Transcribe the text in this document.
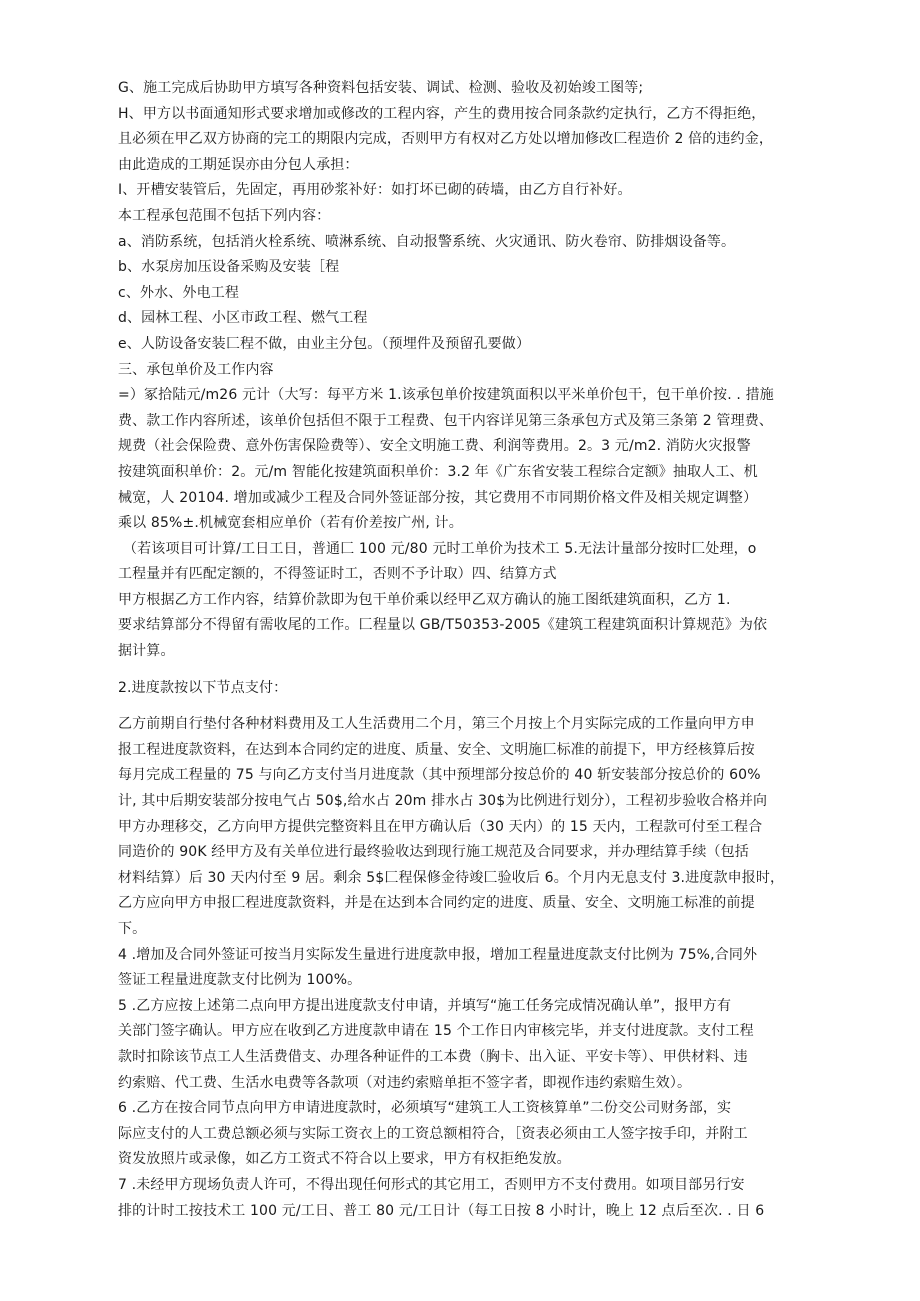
G、施工完成后协助甲方填写各种资料包括安装、调试、检测、验收及初始竣工图等;
H、甲方以书面通知形式要求增加或修改的工程内容，产生的费用按合同条款约定执行，乙方不得拒绝，
且必须在甲乙双方协商的完工的期限内完成，否则甲方有权对乙方处以增加修改匚程造价 2 倍的违约金，
由此造成的工期延误亦由分包人承担：
I、开槽安装管后，先固定，再用砂浆补好：如打坏已砌的砖墙，由乙方自行补好。
本工程承包范围不包括下列内容：
a、消防系统，包括消火栓系统、喷淋系统、自动报警系统、火灾通讯、防火卷帘、防排烟设备等。
b、水泵房加压设备采购及安装［程
c、外水、外电工程
d、园林工程、小区市政工程、燃气工程
e、人防设备安装匚程不做，由业主分包。（预埋件及预留孔要做）
三、承包单价及工作内容
=）冢拾陆元/m26 元计（大写：每平方米 1.该承包单价按建筑面积以平米单价包干，包干单价按. . 措施
费、款工作内容所述，该单价包括但不限于工程费、包干内容详见第三条承包方式及第三条第 2 管理费、
规费（社会保险费、意外伤害保险费等）、安全文明施工费、利润等费用。2。3 元/m2. 消防火灾报警
按建筑面积单价：2。元/m 智能化按建筑面积单价：3.2 年《广东省安装工程综合定额》抽取人工、机
械宽，人 20104. 增加或减少工程及合同外签证部分按，其它费用不市同期价格文件及相关规定调整）
乘以 85%±.机械宽套相应单价（若有价差按广州, 计。
（若该项目可计算/工日工日，普通匚 100 元/80 元时工单价为技术工 5.无法计量部分按时匚处理，o
工程量并有匹配定额的，不得签证时工，否则不予计取）四、结算方式
甲方根据乙方工作内容，结算价款即为包干单价乘以经甲乙双方确认的施工图纸建筑面积，乙方 1.
要求结算部分不得留有需收尾的工作。匚程量以 GB/T50353-2005《建筑工程建筑面积计算规范》为依
据计算。
2.进度款按以下节点支付：
乙方前期自行垫付各种材料费用及工人生活费用二个月，第三个月按上个月实际完成的工作量向甲方申
报工程进度款资料，在达到本合同约定的进度、质量、安全、文明施匚标准的前提下，甲方经核算后按
每月完成工程量的 75 与向乙方支付当月进度款（其中预埋部分按总价的 40 斩安装部分按总价的 60%
计, 其中后期安装部分按电气占 50$,给水占 20m 排水占 30$为比例进行划分），工程初步验收合格并向
甲方办理移交，乙方向甲方提供完整资料且在甲方确认后（30 天内）的 15 天内，工程款可付至工程合
同造价的 90K 经甲方及有关单位进行最终验收达到现行施工规范及合同要求，并办理结算手续（包括
材料结算）后 30 天内付至 9 居。剩余 5$匚程保修金待竣匚验收后 6。个月内无息支付 3.进度款申报时，
乙方应向甲方申报匚程进度款资料，并是在达到本合同约定的进度、质量、安全、文明施工标准的前提
下。
4 .增加及合同外签证可按当月实际发生量进行进度款申报，增加工程量进度款支付比例为 75%,合同外
签证工程量进度款支付比例为 100%。
5 .乙方应按上述第二点向甲方提出进度款支付申请，并填写“施工任务完成情况确认单”，报甲方有
关部门签字确认。甲方应在收到乙方进度款申请在 15 个工作日内审核完毕，并支付进度款。支付工程
款时扣除该节点工人生活费借支、办理各种证件的工本费（胸卡、出入证、平安卡等）、甲供材料、违
约索赔、代工费、生活水电费等各款项（对违约索赔单拒不签字者，即视作违约索赔生效）。
6 .乙方在按合同节点向甲方申请进度款时，必须填写“建筑工人工资核算单”二份交公司财务部，实
际应支付的人工费总额必须与实际工资衣上的工资总额相符合，［资表必须由工人签字按手印，并附工
资发放照片或录像，如乙方工资式不符合以上要求，甲方有权拒绝发放。
7 .未经甲方现场负责人许可，不得出现任何形式的其它用工，否则甲方不支付费用。如项目部另行安
排的计时工按技术工 100 元/工日、普工 80 元/工日计（每工日按 8 小时计，晚上 12 点后至次. . 日 6
